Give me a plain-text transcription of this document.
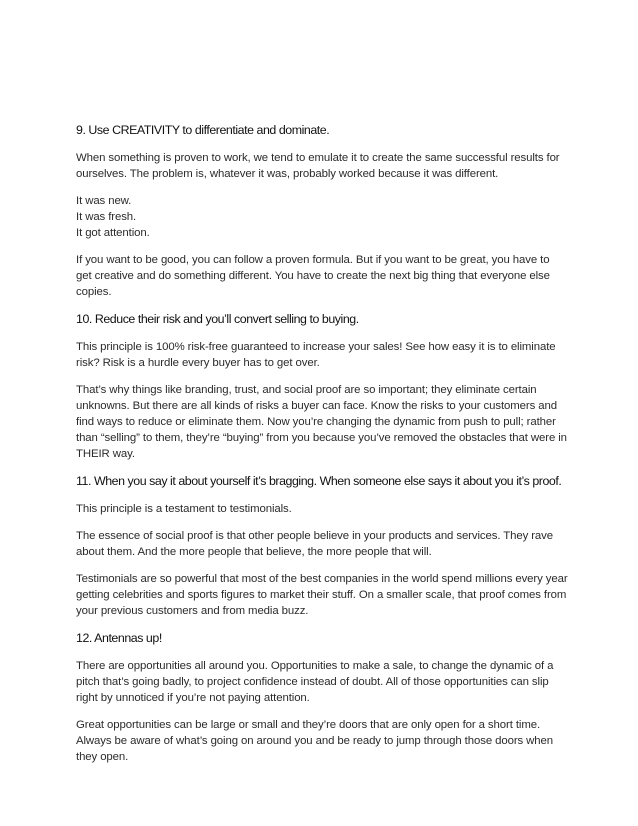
9. Use CREATIVITY to differentiate and dominate.
When something is proven to work, we tend to emulate it to create the same successful results for ourselves. The problem is, whatever it was, probably worked because it was different.

It was new.

It was fresh.

It got attention.

If you want to be good, you can follow a proven formula. But if you want to be great, you have to get creative and do something different. You have to create the next big thing that everyone else copies.
10. Reduce their risk and you’ll convert selling to buying.
This principle is 100% risk-free guaranteed to increase your sales! See how easy it is to eliminate risk? Risk is a hurdle every buyer has to get over.
That’s why things like branding, trust, and social proof are so important; they eliminate certain unknowns. But there are all kinds of risks a buyer can face. Know the risks to your customers and find ways to reduce or eliminate them. Now you’re changing the dynamic from push to pull; rather than “selling” to them, they’re “buying” from you because you’ve removed the obstacles that were in THEIR way.
11. When you say it about yourself it’s bragging. When someone else says it about you it’s proof.
This principle is a testament to testimonials.
The essence of social proof is that other people believe in your products and services. They rave about them. And the more people that believe, the more people that will.
Testimonials are so powerful that most of the best companies in the world spend millions every year getting celebrities and sports figures to market their stuff. On a smaller scale, that proof comes from your previous customers and from media buzz.
12. Antennas up!
There are opportunities all around you. Opportunities to make a sale, to change the dynamic of a pitch that’s going badly, to project confidence instead of doubt. All of those opportunities can slip right by unnoticed if you’re not paying attention.
Great opportunities can be large or small and they’re doors that are only open for a short time. Always be aware of what’s going on around you and be ready to jump through those doors when they open.
